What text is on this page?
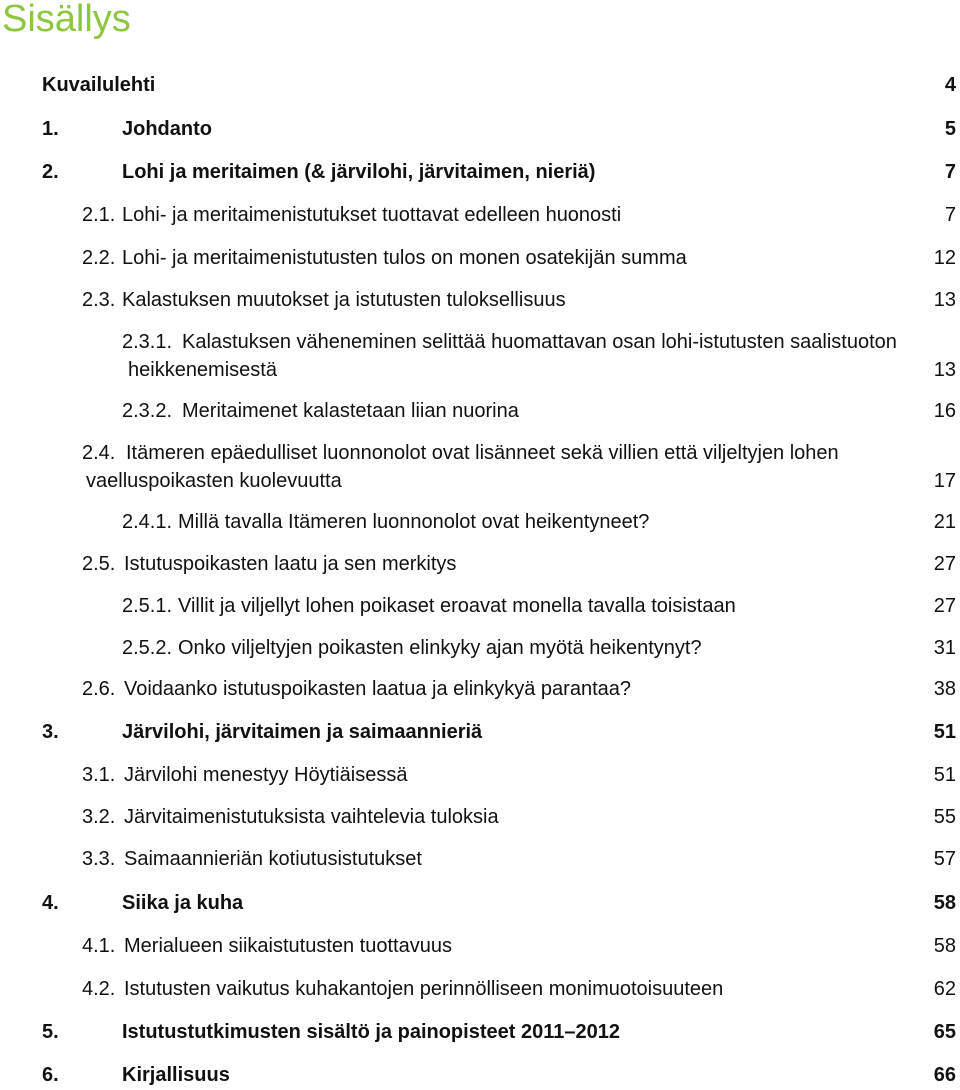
Sisällys
Kuvailulehti	4
1.	Johdanto	5
2.	Lohi ja meritaimen (& järvilohi, järvitaimen, nieriä)	7
2.1. Lohi- ja meritaimenistutukset tuottavat edelleen huonosti	7
2.2. Lohi- ja meritaimenistutusten tulos on monen osatekijän summa	12
2.3. Kalastuksen muutokset ja istutusten tuloksellisuus	13
2.3.1. Kalastuksen väheneminen selittää huomattavan osan lohi-istutusten saalistuoton
heikkenemisestä	13
2.3.2. Meritaimenet kalastetaan liian nuorina	16
2.4. Itämeren epäedulliset luonnonolot ovat lisänneet sekä villien että viljeltyjen lohen
vaelluspoikasten kuolevuutta	17
2.4.1. Millä tavalla Itämeren luonnonolot ovat heikentyneet?	21
2.5. Istutuspoikasten laatu ja sen merkitys	27
2.5.1. Villit ja viljellyt lohen poikaset eroavat monella tavalla toisistaan	27
2.5.2. Onko viljeltyjen poikasten elinkyky ajan myötä heikentynyt?	31
2.6. Voidaanko istutuspoikasten laatua ja elinkykyä parantaa?	38
3.	Järvilohi, järvitaimen ja saimaannieriä	51
3.1. Järvilohi menestyy Höytiäisessä	51
3.2. Järvitaimenistutuksista vaihtelevia tuloksia	55
3.3. Saimaannieriän kotiutusistutukset	57
4.	Siika ja kuha	58
4.1. Merialueen siikaistutusten tuottavuus	58
4.2. Istutusten vaikutus kuhakantojen perinnölliseen monimuotoisuuteen	62
5.	Istutustutkimusten sisältö ja painopisteet 2011–2012	65
6.	Kirjallisuus	66
